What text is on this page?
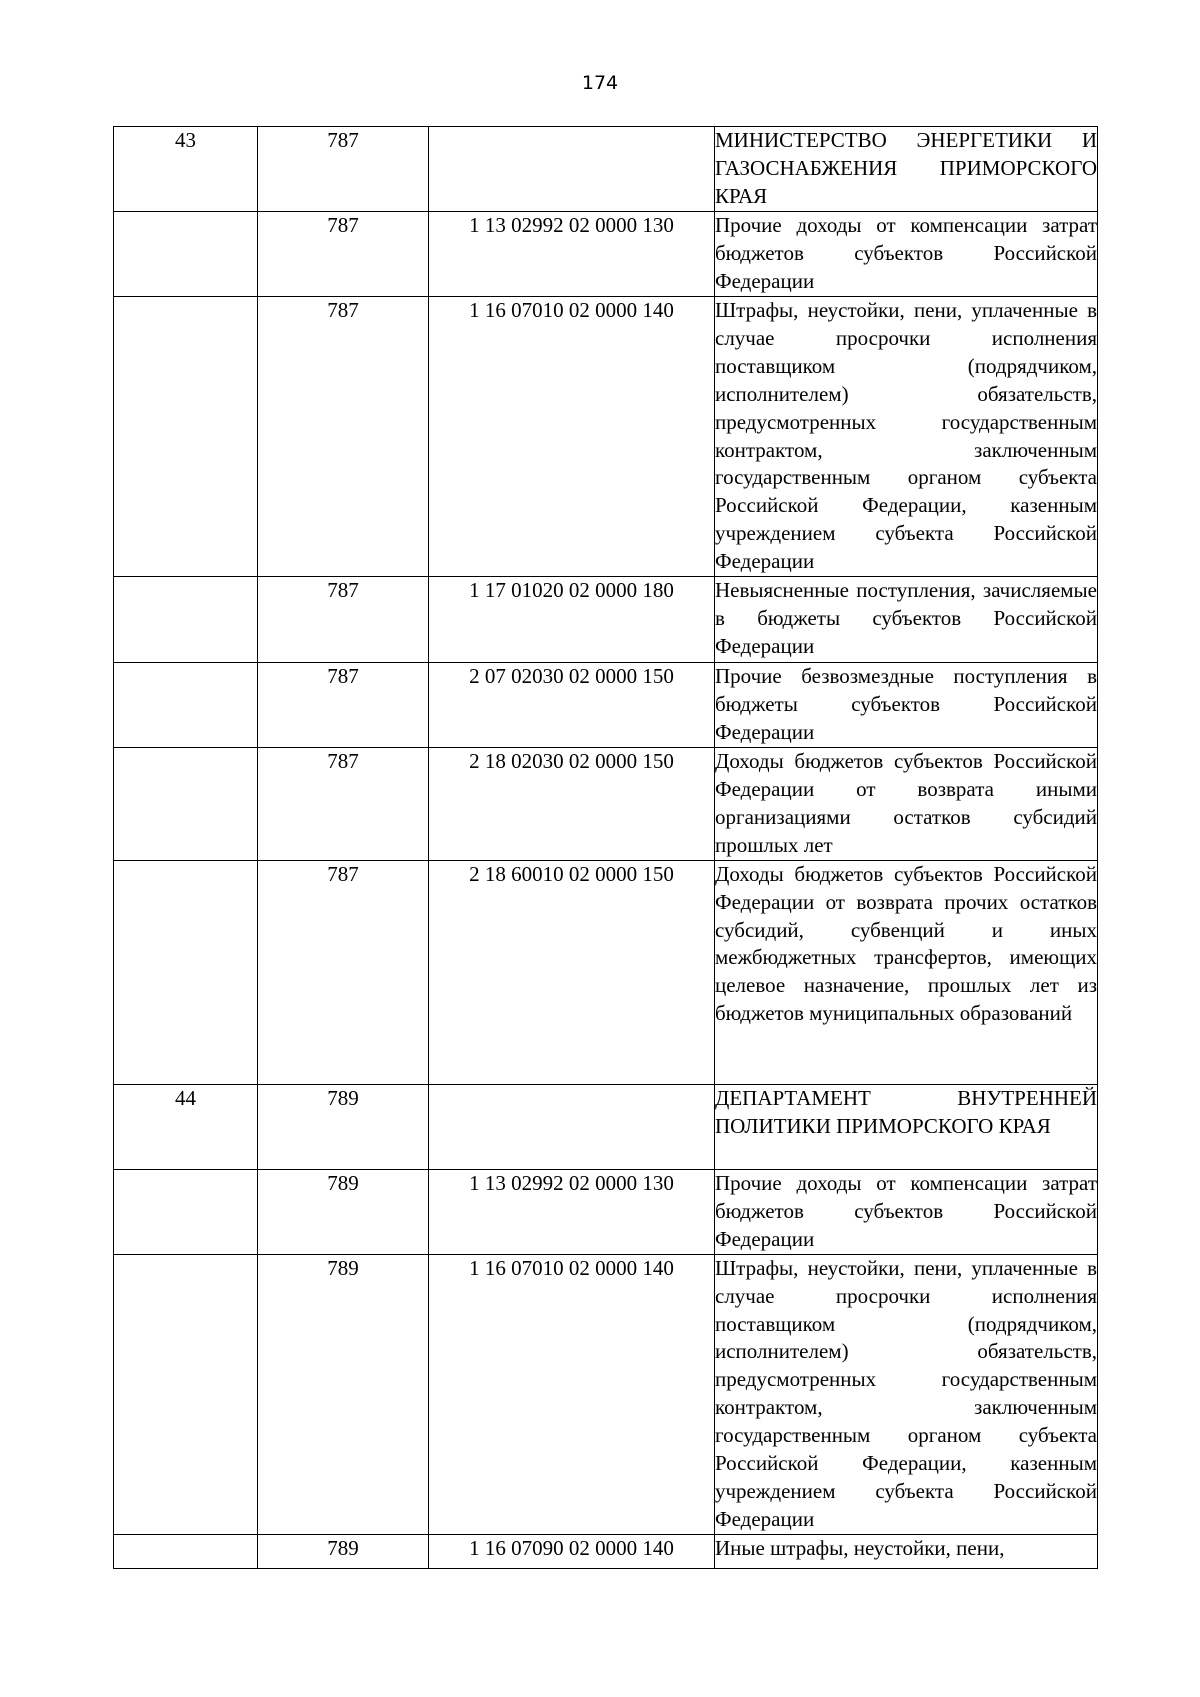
174
43	787		МИНИСТЕРСТВО ЭНЕРГЕТИКИ И ГАЗОСНАБЖЕНИЯ ПРИМОРСКОГО КРАЯ
	787	1 13 02992 02 0000 130	Прочие доходы от компенсации затрат бюджетов субъектов Российской Федерации
	787	1 16 07010 02 0000 140	Штрафы, неустойки, пени, уплаченные в случае просрочки исполнения поставщиком (подрядчиком, исполнителем) обязательств, предусмотренных государственным контрактом, заключенным государственным органом субъекта Российской Федерации, казенным учреждением субъекта Российской Федерации
	787	1 17 01020 02 0000 180	Невыясненные поступления, зачисляемые в бюджеты субъектов Российской Федерации
	787	2 07 02030 02 0000 150	Прочие безвозмездные поступления в бюджеты субъектов Российской Федерации
	787	2 18 02030 02 0000 150	Доходы бюджетов субъектов Российской Федерации от возврата иными организациями остатков субсидий прошлых лет
	787	2 18 60010 02 0000 150	Доходы бюджетов субъектов Российской Федерации от возврата прочих остатков субсидий, субвенций и иных межбюджетных трансфертов, имеющих целевое назначение, прошлых лет из бюджетов муниципальных образований
44	789		ДЕПАРТАМЕНТ ВНУТРЕННЕЙ ПОЛИТИКИ ПРИМОРСКОГО КРАЯ
	789	1 13 02992 02 0000 130	Прочие доходы от компенсации затрат бюджетов субъектов Российской Федерации
	789	1 16 07010 02 0000 140	Штрафы, неустойки, пени, уплаченные в случае просрочки исполнения поставщиком (подрядчиком, исполнителем) обязательств, предусмотренных государственным контрактом, заключенным государственным органом субъекта Российской Федерации, казенным учреждением субъекта Российской Федерации
	789	1 16 07090 02 0000 140	Иные штрафы, неустойки, пени,
